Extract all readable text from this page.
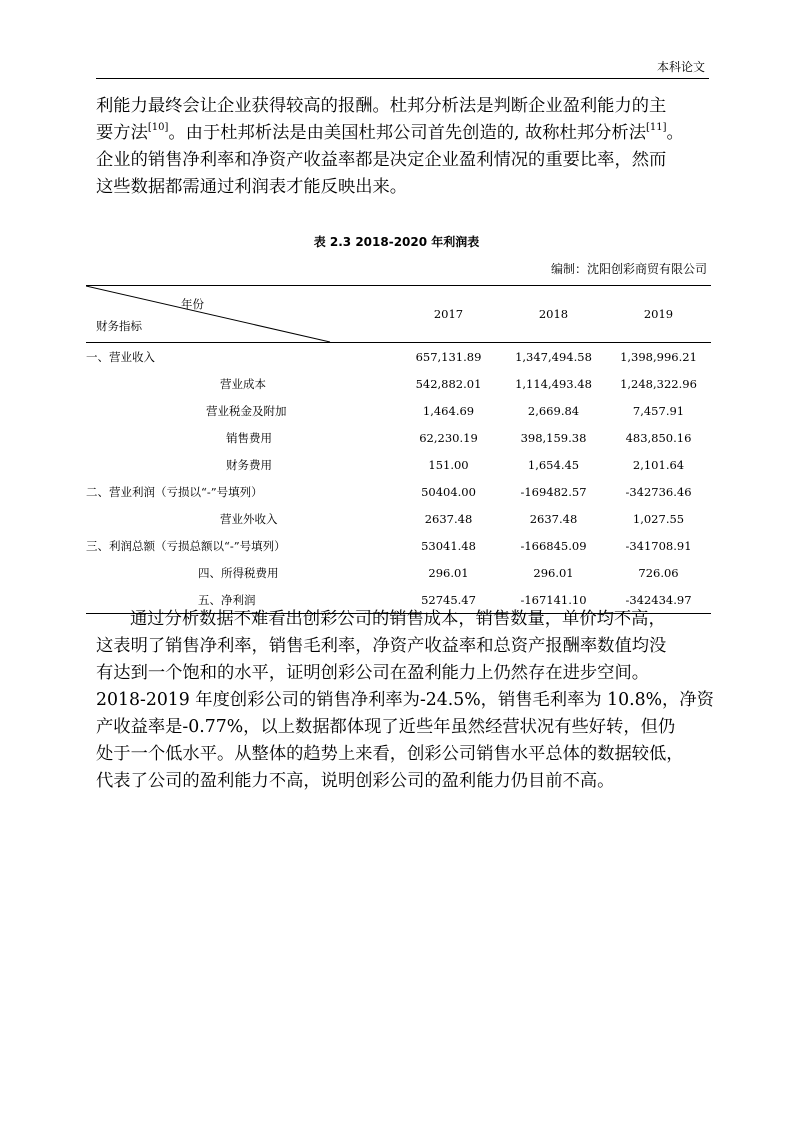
本科论文

利能力最终会让企业获得较高的报酬。杜邦分析法是判断企业盈利能力的主

要方法[10]。由于杜邦析法是由美国杜邦公司首先创造的, 故称杜邦分析法[11]。

企业的销售净利率和净资产收益率都是决定企业盈利情况的重要比率，然而

这些数据都需通过利润表才能反映出来。

表 2.3 2018-2020 年利润表
编制：沈阳创彩商贸有限公司
年份
财务指标	2017	2018	2019
一、营业收入	657,131.89	1,347,494.58	1,398,996.21
营业成本	542,882.01	1,114,493.48	1,248,322.96
营业税金及附加	1,464.69	2,669.84	7,457.91
销售费用	62,230.19	398,159.38	483,850.16
财务费用	151.00	1,654.45	2,101.64
二、营业利润（亏损以“-”号填列）	50404.00	-169482.57	-342736.46
营业外收入	2637.48	2637.48	1,027.55
三、利润总额（亏损总额以“-”号填列）	53041.48	-166845.09	-341708.91
四、所得税费用	296.01	296.01	726.06
五、净利润	52745.47	-167141.10	-342434.97

通过分析数据不难看出创彩公司的销售成本，销售数量，单价均不高，

这表明了销售净利率，销售毛利率，净资产收益率和总资产报酬率数值均没

有达到一个饱和的水平，证明创彩公司在盈利能力上仍然存在进步空间。

2018-2019 年度创彩公司的销售净利率为-24.5%，销售毛利率为 10.8%，净资

产收益率是-0.77%，以上数据都体现了近些年虽然经营状况有些好转，但仍

处于一个低水平。从整体的趋势上来看，创彩公司销售水平总体的数据较低，

代表了公司的盈利能力不高，说明创彩公司的盈利能力仍目前不高。
